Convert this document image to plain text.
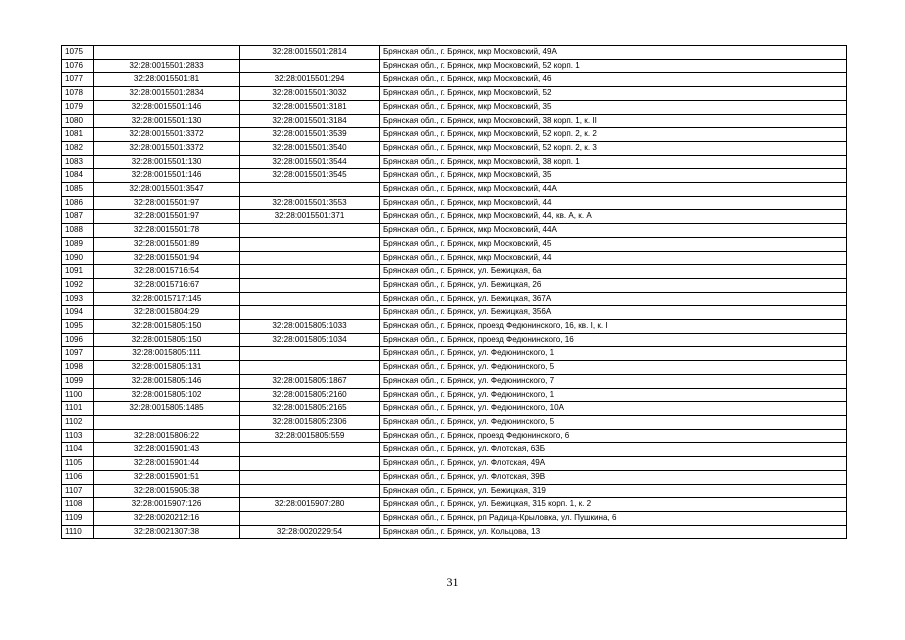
1075		32:28:0015501:2814	Брянская обл., г. Брянск, мкр Московский, 49А
1076	32:28:0015501:2833		Брянская обл., г. Брянск, мкр Московский, 52 корп. 1
1077	32:28:0015501:81	32:28:0015501:294	Брянская обл., г. Брянск, мкр Московский, 46
1078	32:28:0015501:2834	32:28:0015501:3032	Брянская обл., г. Брянск, мкр Московский, 52
1079	32:28:0015501:146	32:28:0015501:3181	Брянская обл., г. Брянск, мкр Московский, 35
1080	32:28:0015501:130	32:28:0015501:3184	Брянская обл., г. Брянск, мкр Московский, 38 корп. 1, к. II
1081	32:28:0015501:3372	32:28:0015501:3539	Брянская обл., г. Брянск, мкр Московский, 52 корп. 2, к. 2
1082	32:28:0015501:3372	32:28:0015501:3540	Брянская обл., г. Брянск, мкр Московский, 52 корп. 2, к. 3
1083	32:28:0015501:130	32:28:0015501:3544	Брянская обл., г. Брянск, мкр Московский, 38 корп. 1
1084	32:28:0015501:146	32:28:0015501:3545	Брянская обл., г. Брянск, мкр Московский, 35
1085	32:28:0015501:3547		Брянская обл., г. Брянск, мкр Московский, 44А
1086	32:28:0015501:97	32:28:0015501:3553	Брянская обл., г. Брянск, мкр Московский, 44
1087	32:28:0015501:97	32:28:0015501:371	Брянская обл., г. Брянск, мкр Московский, 44, кв. А, к. А
1088	32:28:0015501:78		Брянская обл., г. Брянск, мкр Московский, 44А
1089	32:28:0015501:89		Брянская обл., г. Брянск, мкр Московский, 45
1090	32:28:0015501:94		Брянская обл., г. Брянск, мкр Московский, 44
1091	32:28:0015716:54		Брянская обл., г. Брянск, ул. Бежицкая, 6а
1092	32:28:0015716:67		Брянская обл., г. Брянск, ул. Бежицкая, 26
1093	32:28:0015717:145		Брянская обл., г. Брянск, ул. Бежицкая, 367А
1094	32:28:0015804:29		Брянская обл., г. Брянск, ул. Бежицкая, 356А
1095	32:28:0015805:150	32:28:0015805:1033	Брянская обл., г. Брянск, проезд Федюнинского, 16, кв. I, к. I
1096	32:28:0015805:150	32:28:0015805:1034	Брянская обл., г. Брянск, проезд Федюнинского, 16
1097	32:28:0015805:111		Брянская обл., г. Брянск, ул. Федюнинского, 1
1098	32:28:0015805:131		Брянская обл., г. Брянск, ул. Федюнинского, 5
1099	32:28:0015805:146	32:28:0015805:1867	Брянская обл., г. Брянск, ул. Федюнинского, 7
1100	32:28:0015805:102	32:28:0015805:2160	Брянская обл., г. Брянск, ул. Федюнинского, 1
1101	32:28:0015805:1485	32:28:0015805:2165	Брянская обл., г. Брянск, ул. Федюнинского, 10А
1102		32:28:0015805:2306	Брянская обл., г. Брянск, ул. Федюнинского, 5
1103	32:28:0015806:22	32:28:0015805:559	Брянская обл., г. Брянск, проезд Федюнинского, 6
1104	32:28:0015901:43		Брянская обл., г. Брянск, ул. Флотская, 63Б
1105	32:28:0015901:44		Брянская обл., г. Брянск, ул. Флотская, 49А
1106	32:28:0015901:51		Брянская обл., г. Брянск, ул. Флотская, 39В
1107	32:28:0015905:38		Брянская обл., г. Брянск, ул. Бежицкая, 319
1108	32:28:0015907:126	32:28:0015907:280	Брянская обл., г. Брянск, ул. Бежицкая, 315 корп. 1, к. 2
1109	32:28:0020212:16		Брянская обл., г. Брянск, рп Радица-Крыловка, ул. Пушкина, 6
1110	32:28:0021307:38	32:28:0020229:54	Брянская обл., г. Брянск, ул. Кольцова, 13
31
